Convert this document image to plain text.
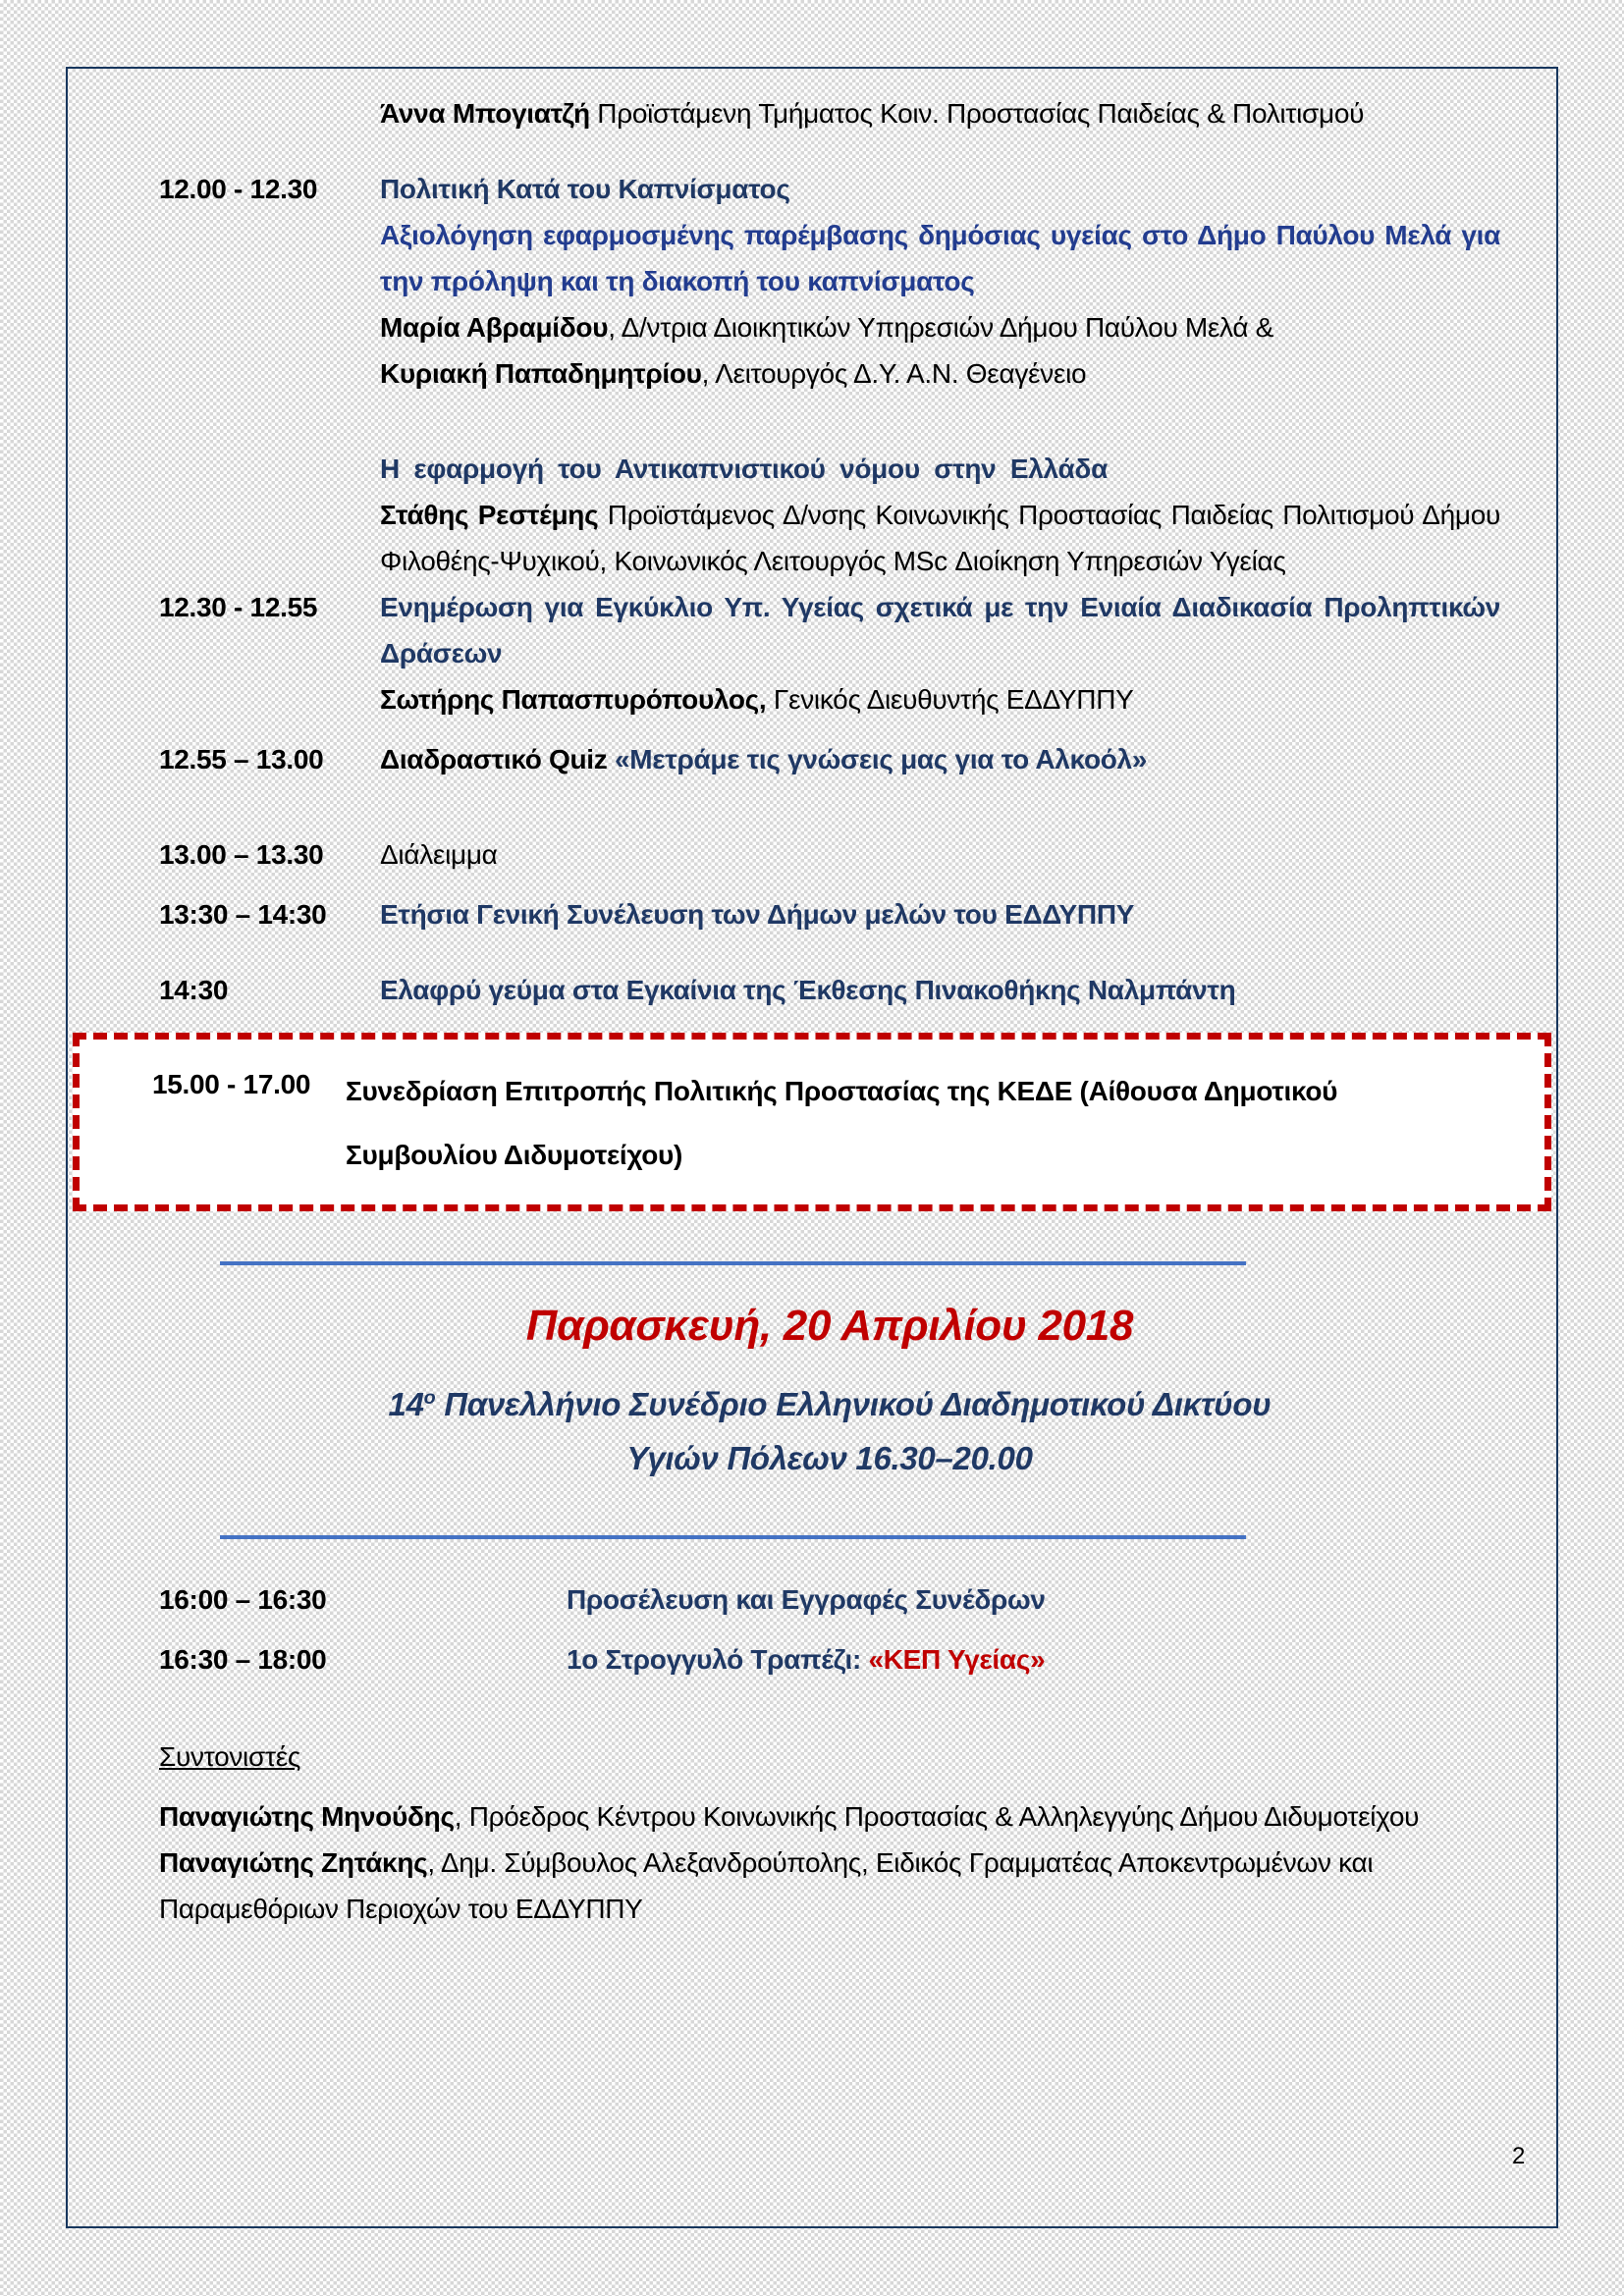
Άννα Μπογιατζή Προϊστάμενη Τμήματος Κοιν. Προστασίας Παιδείας & Πολιτισμού

12.00 - 12.30	Πολιτική Κατά του Καπνίσματος

Αξιολόγηση εφαρμοσμένης παρέμβασης δημόσιας υγείας στο Δήμο Παύλου Μελά για την πρόληψη και τη διακοπή του καπνίσματος

Μαρία Αβραμίδου, Δ/ντρια Διοικητικών Υπηρεσιών Δήμου Παύλου Μελά &
Κυριακή Παπαδημητρίου, Λειτουργός Δ.Υ. Α.Ν. Θεαγένειο

Η εφαρμογή του Αντικαπνιστικού νόμου στην Ελλάδα

Στάθης Ρεστέμης Προϊστάμενος Δ/νσης Κοινωνικής Προστασίας Παιδείας Πολιτισμού Δήμου Φιλοθέης-Ψυχικού, Κοινωνικός Λειτουργός MSc Διοίκηση Υπηρεσιών Υγείας

12.30 - 12.55	Ενημέρωση για Εγκύκλιο Υπ. Υγείας σχετικά με την Ενιαία Διαδικασία Προληπτικών Δράσεων

Σωτήρης Παπασπυρόπουλος, Γενικός Διευθυντής ΕΔΔΥΠΠΥ

12.55 – 13.00	Διαδραστικό Quiz «Μετράμε τις γνώσεις μας για το Αλκοόλ»

13.00 – 13.30	Διάλειμμα

13:30 – 14:30	Ετήσια Γενική Συνέλευση των Δήμων μελών του ΕΔΔΥΠΠΥ

14:30	Ελαφρύ γεύμα στα Εγκαίνια της Έκθεσης Πινακοθήκης Ναλμπάντη

15.00 - 17.00	Συνεδρίαση Επιτροπής Πολιτικής Προστασίας της ΚΕΔΕ (Αίθουσα Δημοτικού
Συμβουλίου Διδυμοτείχου)
Παρασκευή, 20 Απριλίου 2018
$14^o$ Πανελλήνιο Συνέδριο Ελληνικού Διαδημοτικού Δικτύου
Υγιών Πόλεων 16.30–20.00
16:00 – 16:30	Προσέλευση και Εγγραφές Συνέδρων

16:30 – 18:00	1ο Στρογγυλό Τραπέζι: «ΚΕΠ Υγείας»

Συντονιστές

Παναγιώτης Μηνούδης, Πρόεδρος Κέντρου Κοινωνικής Προστασίας & Αλληλεγγύης Δήμου Διδυμοτείχου

Παναγιώτης Ζητάκης, Δημ. Σύμβουλος Αλεξανδρούπολης, Ειδικός Γραμματέας Αποκεντρωμένων και Παραμεθόριων Περιοχών του ΕΔΔΥΠΠΥ

2
